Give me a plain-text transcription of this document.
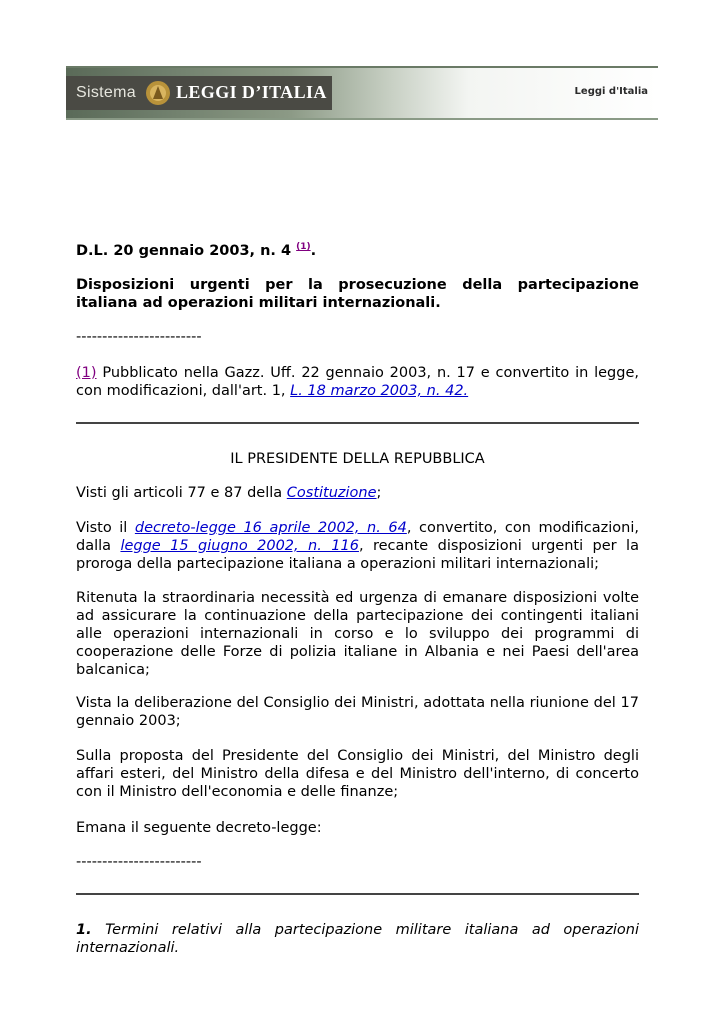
Sistema LEGGI D’ITALIA	Leggi d'Italia
D.L. 20 gennaio 2003, n. 4 $^{(1)}$.
Disposizioni urgenti per la prosecuzione della partecipazione italiana ad operazioni militari internazionali.
------------------------
(1) Pubblicato nella Gazz. Uff. 22 gennaio 2003, n. 17 e convertito in legge, con modificazioni, dall'art. 1, L. 18 marzo 2003, n. 42.
IL PRESIDENTE DELLA REPUBBLICA
Visti gli articoli 77 e 87 della Costituzione;
Visto il decreto-legge 16 aprile 2002, n. 64, convertito, con modificazioni, dalla legge 15 giugno 2002, n. 116, recante disposizioni urgenti per la proroga della partecipazione italiana a operazioni militari internazionali;
Ritenuta la straordinaria necessità ed urgenza di emanare disposizioni volte ad assicurare la continuazione della partecipazione dei contingenti italiani alle operazioni internazionali in corso e lo sviluppo dei programmi di cooperazione delle Forze di polizia italiane in Albania e nei Paesi dell'area balcanica;
Vista la deliberazione del Consiglio dei Ministri, adottata nella riunione del 17 gennaio 2003;
Sulla proposta del Presidente del Consiglio dei Ministri, del Ministro degli affari esteri, del Ministro della difesa e del Ministro dell'interno, di concerto con il Ministro dell'economia e delle finanze;
Emana il seguente decreto-legge:
------------------------
1. Termini relativi alla partecipazione militare italiana ad operazioni internazionali.
